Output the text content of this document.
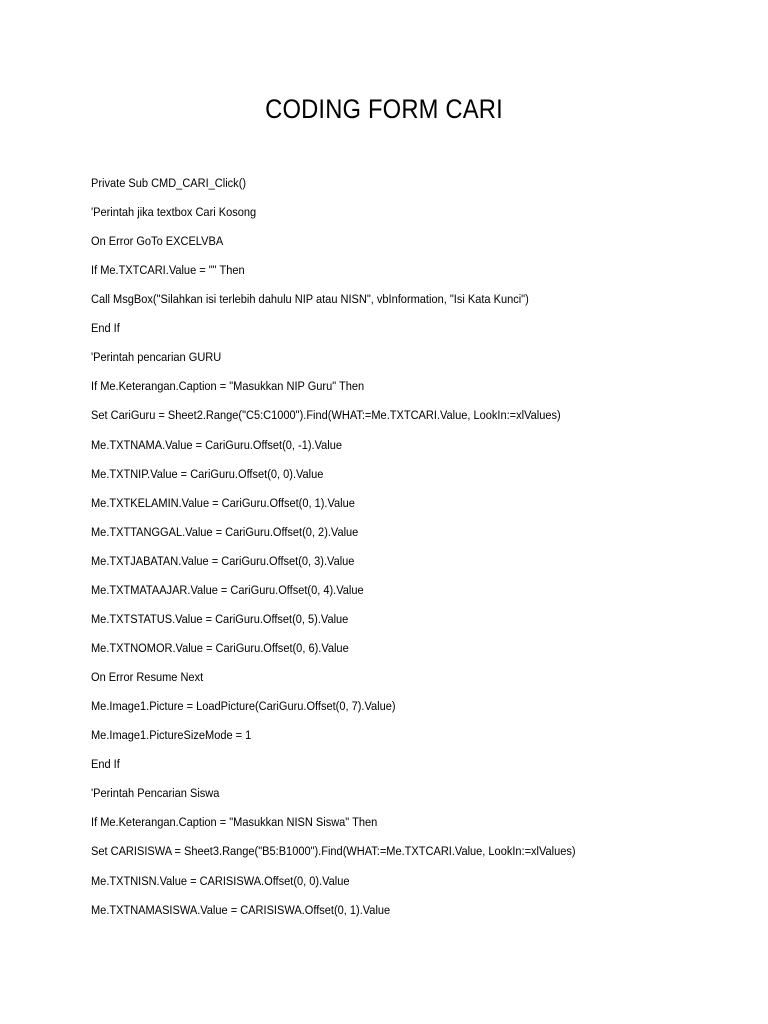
CODING FORM CARI
Private Sub CMD_CARI_Click()
'Perintah jika textbox Cari Kosong
On Error GoTo EXCELVBA
If Me.TXTCARI.Value = "" Then
Call MsgBox("Silahkan isi terlebih dahulu NIP atau NISN", vbInformation, "Isi Kata Kunci")
End If
'Perintah pencarian GURU
If Me.Keterangan.Caption = "Masukkan NIP Guru" Then
Set CariGuru = Sheet2.Range("C5:C1000").Find(WHAT:=Me.TXTCARI.Value, LookIn:=xlValues)
Me.TXTNAMA.Value = CariGuru.Offset(0, -1).Value
Me.TXTNIP.Value = CariGuru.Offset(0, 0).Value
Me.TXTKELAMIN.Value = CariGuru.Offset(0, 1).Value
Me.TXTTANGGAL.Value = CariGuru.Offset(0, 2).Value
Me.TXTJABATAN.Value = CariGuru.Offset(0, 3).Value
Me.TXTMATAAJAR.Value = CariGuru.Offset(0, 4).Value
Me.TXTSTATUS.Value = CariGuru.Offset(0, 5).Value
Me.TXTNOMOR.Value = CariGuru.Offset(0, 6).Value
On Error Resume Next
Me.Image1.Picture = LoadPicture(CariGuru.Offset(0, 7).Value)
Me.Image1.PictureSizeMode = 1
End If
'Perintah Pencarian Siswa
If Me.Keterangan.Caption = "Masukkan NISN Siswa" Then
Set CARISISWA = Sheet3.Range("B5:B1000").Find(WHAT:=Me.TXTCARI.Value, LookIn:=xlValues)
Me.TXTNISN.Value = CARISISWA.Offset(0, 0).Value
Me.TXTNAMASISWA.Value = CARISISWA.Offset(0, 1).Value
